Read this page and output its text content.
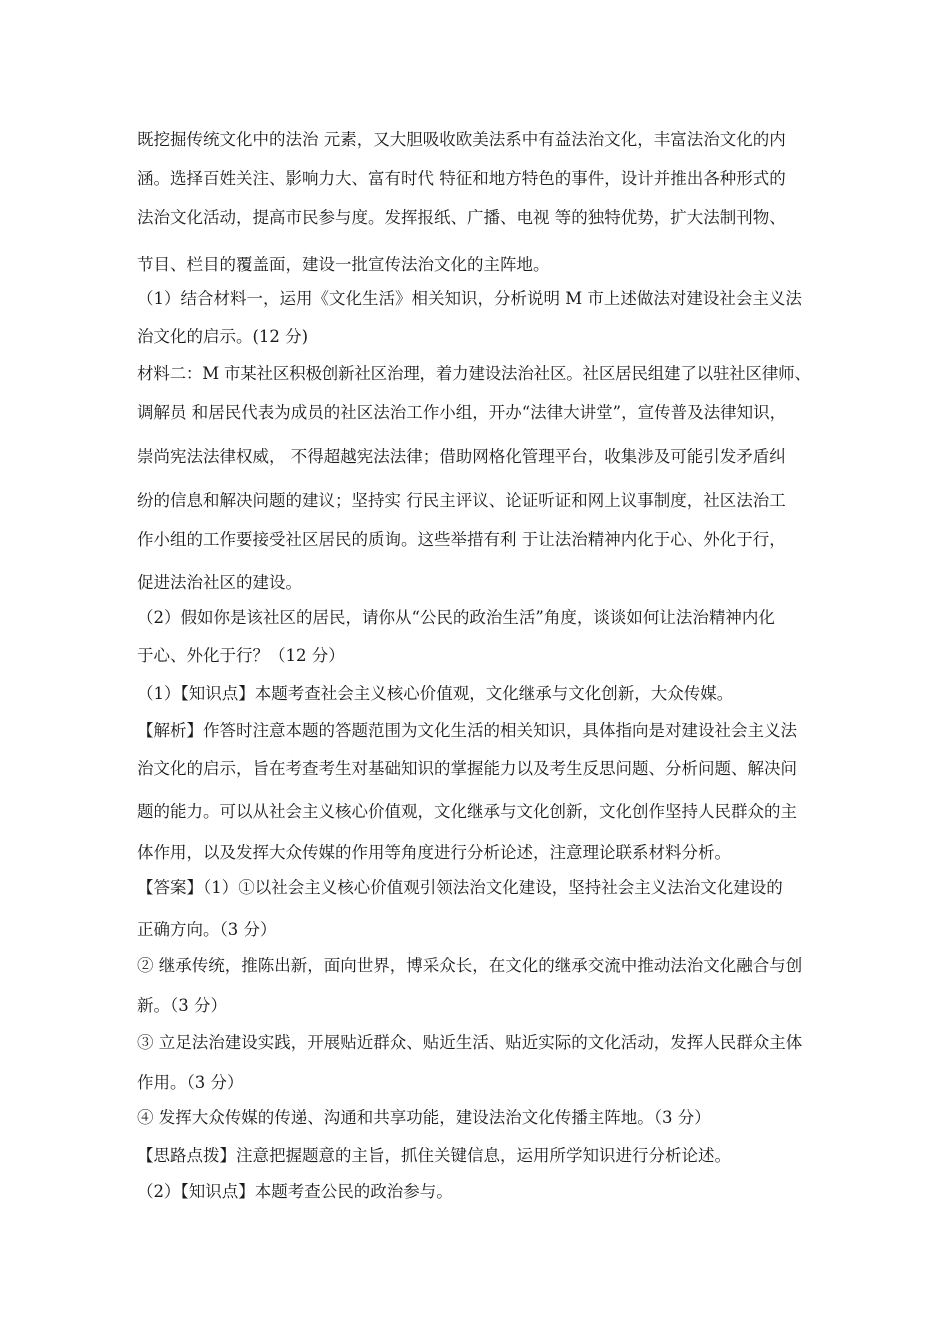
既挖掘传统文化中的法治 元素，又大胆吸收欧美法系中有益法治文化，丰富法治文化的内
涵。选择百姓关注、影响力大、富有时代 特征和地方特色的事件，设计并推出各种形式的
法治文化活动，提高市民参与度。发挥报纸、广播、电视 等的独特优势，扩大法制刊物、
节目、栏目的覆盖面，建设一批宣传法治文化的主阵地。
（1）结合材料一，运用《文化生活》相关知识，分析说明 M 市上述做法对建设社会主义法
治文化的启示。(12 分)
材料二：M 市某社区积极创新社区治理，着力建设法治社区。社区居民组建了以驻社区律师、
调解员 和居民代表为成员的社区法治工作小组，开办“法律大讲堂”，宣传普及法律知识，
崇尚宪法法律权威， 不得超越宪法法律；借助网格化管理平台，收集涉及可能引发矛盾纠
纷的信息和解决问题的建议；坚持实 行民主评议、论证听证和网上议事制度，社区法治工
作小组的工作要接受社区居民的质询。这些举措有利 于让法治精神内化于心、外化于行，
促进法治社区的建设。
（2）假如你是该社区的居民，请你从“公民的政治生活”角度，谈谈如何让法治精神内化
于心、外化于行？（12 分）
（1）【知识点】本题考查社会主义核心价值观，文化继承与文化创新，大众传媒。
【解析】作答时注意本题的答题范围为文化生活的相关知识，具体指向是对建设社会主义法
治文化的启示，旨在考查考生对基础知识的掌握能力以及考生反思问题、分析问题、解决问
题的能力。可以从社会主义核心价值观，文化继承与文化创新，文化创作坚持人民群众的主
体作用，以及发挥大众传媒的作用等角度进行分析论述，注意理论联系材料分析。
【答案】（1）①以社会主义核心价值观引领法治文化建设，坚持社会主义法治文化建设的
正确方向。（3 分）
② 继承传统，推陈出新，面向世界，博采众长，在文化的继承交流中推动法治文化融合与创
新。（3 分）
③ 立足法治建设实践，开展贴近群众、贴近生活、贴近实际的文化活动，发挥人民群众主体
作用。（3 分）
④ 发挥大众传媒的传递、沟通和共享功能，建设法治文化传播主阵地。（3 分）
【思路点拨】注意把握题意的主旨，抓住关键信息，运用所学知识进行分析论述。
（2）【知识点】本题考查公民的政治参与。
